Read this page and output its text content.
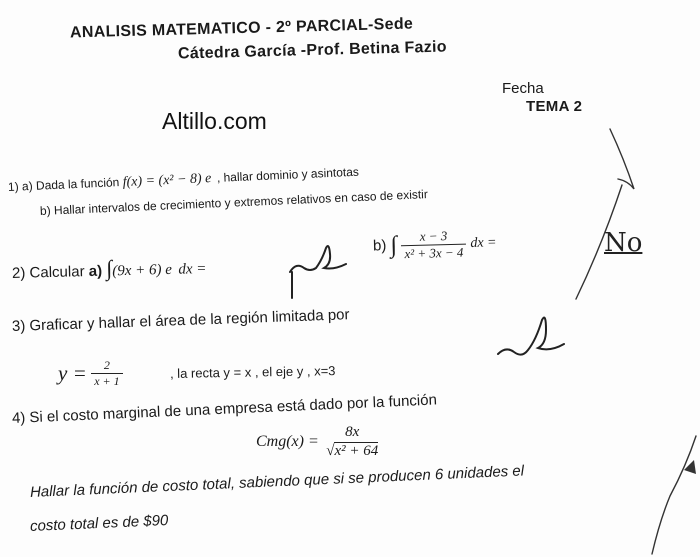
ANALISIS MATEMATICO - 2º PARCIAL-Sede
Cátedra García -Prof. Betina Fazio
Fecha
TEMA 2
Altillo.com
1) a) Dada la función f(x) = (x² − 8) e , hallar dominio y asintotas
b) Hallar intervalos de crecimiento y extremos relativos en caso de existir
2) Calcular a) ∫(9x + 6) e dx =
b) ∫ $\frac{x - 3}{\text{x² + 3x − 4}}$ dx =
3) Graficar y hallar el área de la región limitada por
$y = \frac{2}{x + 1}$	, la recta y = x , el eje y , x=3
4) Si el costo marginal de una empresa está dado por la función
Cmg(x) =
8x
√x² + 64
Hallar la función de costo total, sabiendo que si se producen 6 unidades el
costo total es de $90
No
